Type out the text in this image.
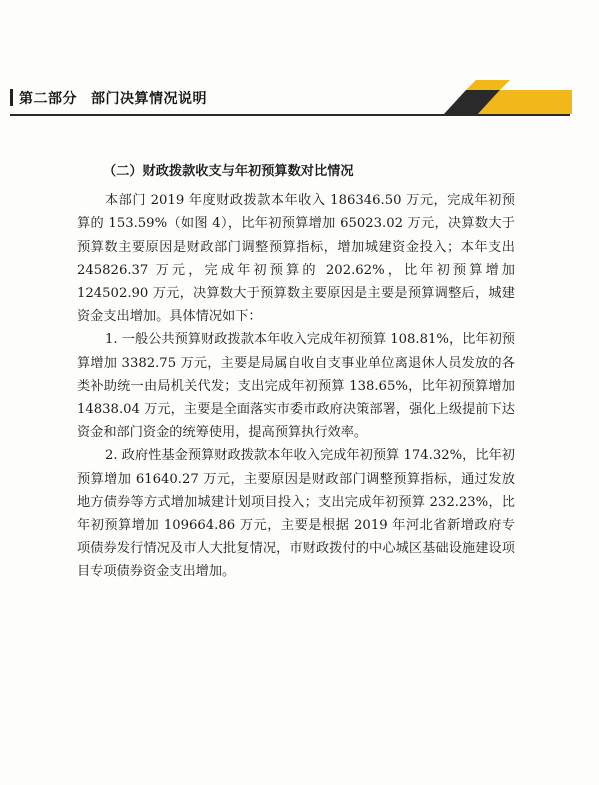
第二部分 部门决算情况说明

（二）财政拨款收支与年初预算数对比情况

本部门 2019 年度财政拨款本年收入 186346.50 万元，完成年初预算的 153.59%（如图 4），比年初预算增加 65023.02 万元，决算数大于预算数主要原因是财政部门调整预算指标，增加城建资金投入；本年支出 245826.37 万元，完成年初预算的 202.62%，比年初预算增加 124502.90 万元，决算数大于预算数主要原因是主要是预算调整后，城建资金支出增加。具体情况如下：

1. 一般公共预算财政拨款本年收入完成年初预算 108.81%，比年初预算增加 3382.75 万元，主要是局属自收自支事业单位离退休人员发放的各类补助统一由局机关代发；支出完成年初预算 138.65%，比年初预算增加 14838.04 万元，主要是全面落实市委市政府决策部署，强化上级提前下达资金和部门资金的统筹使用，提高预算执行效率。

2. 政府性基金预算财政拨款本年收入完成年初预算 174.32%，比年初预算增加 61640.27 万元，主要原因是财政部门调整预算指标，通过发放地方债券等方式增加城建计划项目投入；支出完成年初预算 232.23%，比年初预算增加 109664.86 万元，主要是根据 2019 年河北省新增政府专项债券发行情况及市人大批复情况，市财政拨付的中心城区基础设施建设项目专项债券资金支出增加。
